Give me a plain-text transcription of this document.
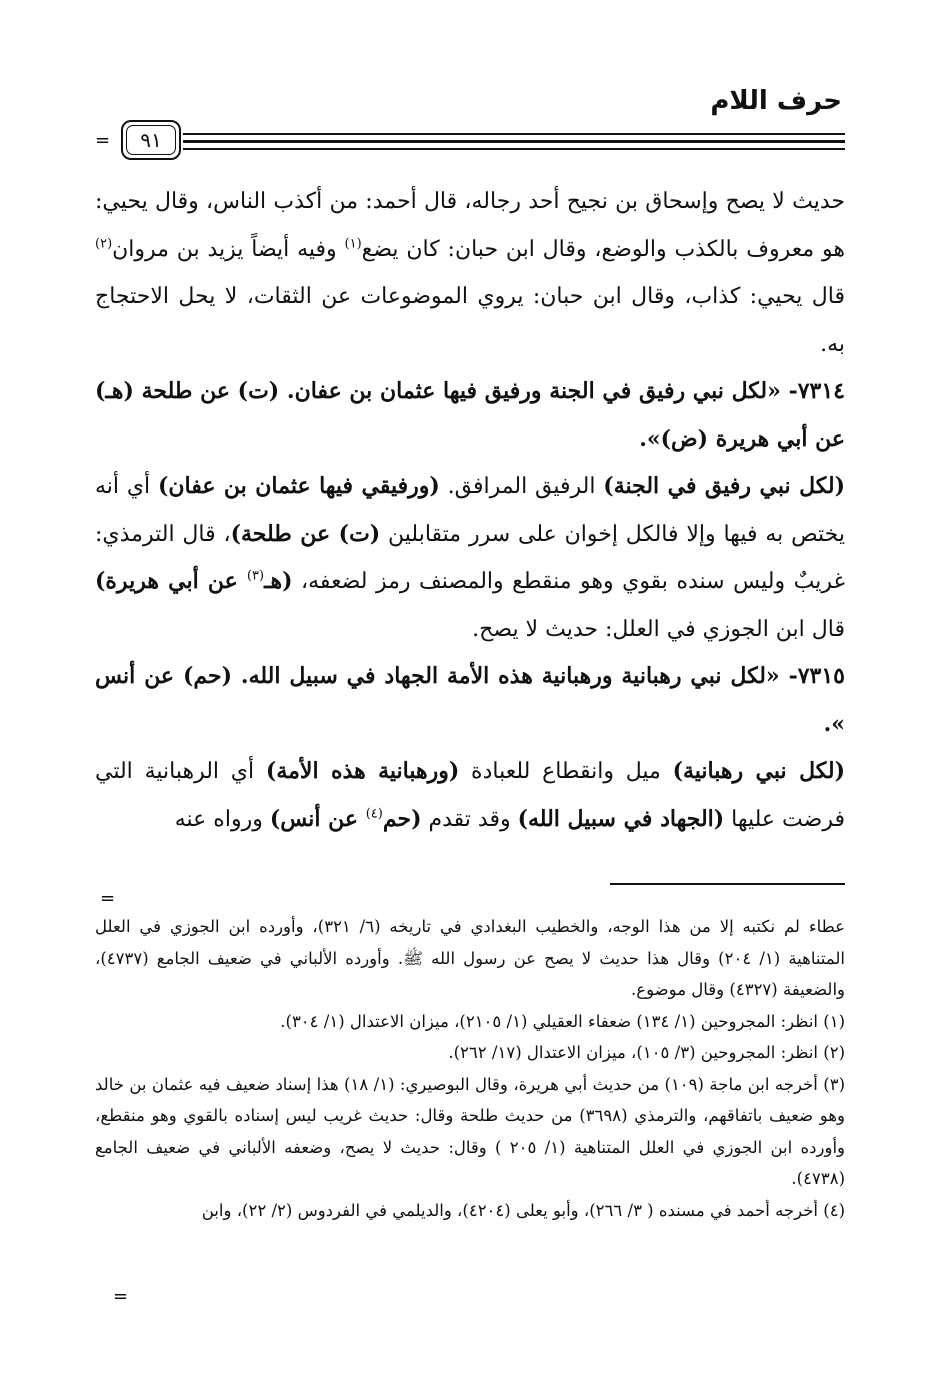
حرف اللام
= ٩١

حديث لا يصح وإسحاق بن نجيح أحد رجاله، قال أحمد: من أكذب الناس، وقال يحيي: هو معروف بالكذب والوضع، وقال ابن حبان: كان يضع$^{(١)}$ وفيه أيضاً يزيد بن مروان$^{(٢)}$ قال يحيي: كذاب، وقال ابن حبان: يروي الموضوعات عن الثقات، لا يحل الاحتجاج به.

٧٣١٤- «لكل نبي رفيق في الجنة ورفيق فيها عثمان بن عفان. (ت) عن طلحة (هـ) عن أبي هريرة (ض)».

(لكل نبي رفيق في الجنة) الرفيق المرافق. (ورفيقي فيها عثمان بن عفان) أي أنه يختص به فيها وإلا فالكل إخوان على سرر متقابلين (ت) عن طلحة)، قال الترمذي: غريبٌ وليس سنده بقوي وهو منقطع والمصنف رمز لضعفه، (هـ$^{(٣)}$ عن أبي هريرة) قال ابن الجوزي في العلل: حديث لا يصح.

٧٣١٥- «لكل نبي رهبانية ورهبانية هذه الأمة الجهاد في سبيل الله. (حم) عن أنس ».

(لكل نبي رهبانية) ميل وانقطاع للعبادة (ورهبانية هذه الأمة) أي الرهبانية التي فرضت عليها (الجهاد في سبيل الله) وقد تقدم (حم$^{(٤)}$ عن أنس) ورواه عنه

=

عطاء لم نكتبه إلا من هذا الوجه، والخطيب البغدادي في تاريخه (٦/ ٣٢١)، وأورده ابن الجوزي في العلل المتناهية (١/ ٢٠٤) وقال هذا حديث لا يصح عن رسول الله ﷺ. وأورده الألباني في ضعيف الجامع (٤٧٣٧)، والضعيفة (٤٣٢٧) وقال موضوع.

(١) انظر: المجروحين (١/ ١٣٤) ضعفاء العقيلي (١/ ٢١٠٥)، ميزان الاعتدال (١/ ٣٠٤).

(٢) انظر: المجروحين (٣/ ١٠٥)، ميزان الاعتدال (١٧/ ٢٦٢).

(٣) أخرجه ابن ماجة (١٠٩) من حديث أبي هريرة، وقال البوصيري: (١/ ١٨) هذا إسناد ضعيف فيه عثمان بن خالد وهو ضعيف باتفاقهم، والترمذي (٣٦٩٨) من حديث طلحة وقال: حديث غريب ليس إسناده بالقوي وهو منقطع، وأورده ابن الجوزي في العلل المتناهية (١/ ٢٠٥ ) وقال: حديث لا يصح، وضعفه الألباني في ضعيف الجامع (٤٧٣٨).

(٤) أخرجه أحمد في مسنده ( ٣/ ٢٦٦)، وأبو يعلى (٤٢٠٤)، والديلمي في الفردوس (٢/ ٢٢)، وابن

=
